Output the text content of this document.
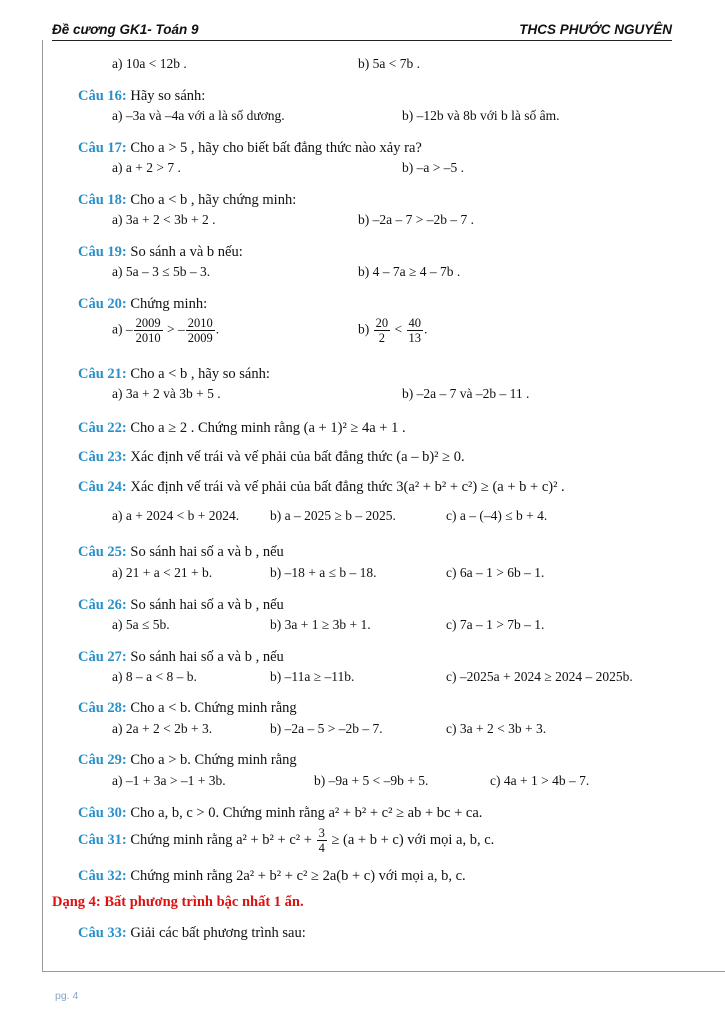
Đề cương GK1- Toán 9	THCS PHƯỚC NGUYÊN
a) 10a < 12b .	b) 5a < 7b .
Câu 16: Hãy so sánh:
a) –3a và –4a với a là số dương.	b) –12b và 8b với b là số âm.
Câu 17: Cho a > 5 , hãy cho biết bất đẳng thức nào xảy ra?
a) a + 2 > 7 .	b) –a > –5 .
Câu 18: Cho a < b , hãy chứng minh:
a) 3a + 2 < 3b + 2 .	b) –2a – 7 > –2b – 7 .
Câu 19: So sánh a và b nếu:
a) 5a – 3 ≤ 5b – 3.	b) 4 – 7a ≥ 4 – 7b .
Câu 20: Chứng minh:
$a) - \frac{2009}{2010}$ > – $\frac{2010}{2009}$ .	$b) \frac{20}{2} < \frac{40}{13}$ .
Câu 21: Cho a < b , hãy so sánh:
a) 3a + 2 và 3b + 5 .	b) –2a – 7 và –2b – 11 .
Câu 22: Cho a ≥ 2 . Chứng minh rằng (a + 1)² ≥ 4a + 1 .
Câu 23: Xác định vế trái và vế phải của bất đẳng thức (a – b)² ≥ 0.
Câu 24: Xác định vế trái và vế phải của bất đẳng thức 3(a² + b² + c²) ≥ (a + b + c)² .
a) a + 2024 < b + 2024. b) a – 2025 ≥ b – 2025.	c) a – (–4) ≤ b + 4.
Câu 25: So sánh hai số a và b , nếu
a) 21 + a < 21 + b.	b) –18 + a ≤ b – 18.	c) 6a – 1 > 6b – 1.
Câu 26: So sánh hai số a và b , nếu
a) 5a ≤ 5b.	b) 3a + 1 ≥ 3b + 1.	c) 7a – 1 > 7b – 1.
Câu 27: So sánh hai số a và b , nếu
a) 8 – a < 8 – b.	b) –11a ≥ –11b.	c) –2025a + 2024 ≥ 2024 – 2025b.
Câu 28: Cho a < b. Chứng minh rằng
a) 2a + 2 < 2b + 3.	b) –2a – 5 > –2b – 7.	c) 3a + 2 < 3b + 3.
Câu 29: Cho a > b. Chứng minh rằng
a) –1 + 3a > –1 + 3b.	b) –9a + 5 < –9b + 5.	c) 4a + 1 > 4b – 7.
Câu 30: Cho a, b, c > 0. Chứng minh rằng a² + b² + c² ≥ ab + bc + ca.
Câu 31: Chứng minh rằng $a^2 + b^2 + c^2 + \frac{3}{4} \ge (a + b + c)$ với mọi a, b, c.
Câu 32: Chứng minh rằng 2a² + b² + c² ≥ 2a(b + c) với mọi a, b, c.
Dạng 4: Bất phương trình bậc nhất 1 ẩn.
Câu 33: Giải các bất phương trình sau:
pg. 4
